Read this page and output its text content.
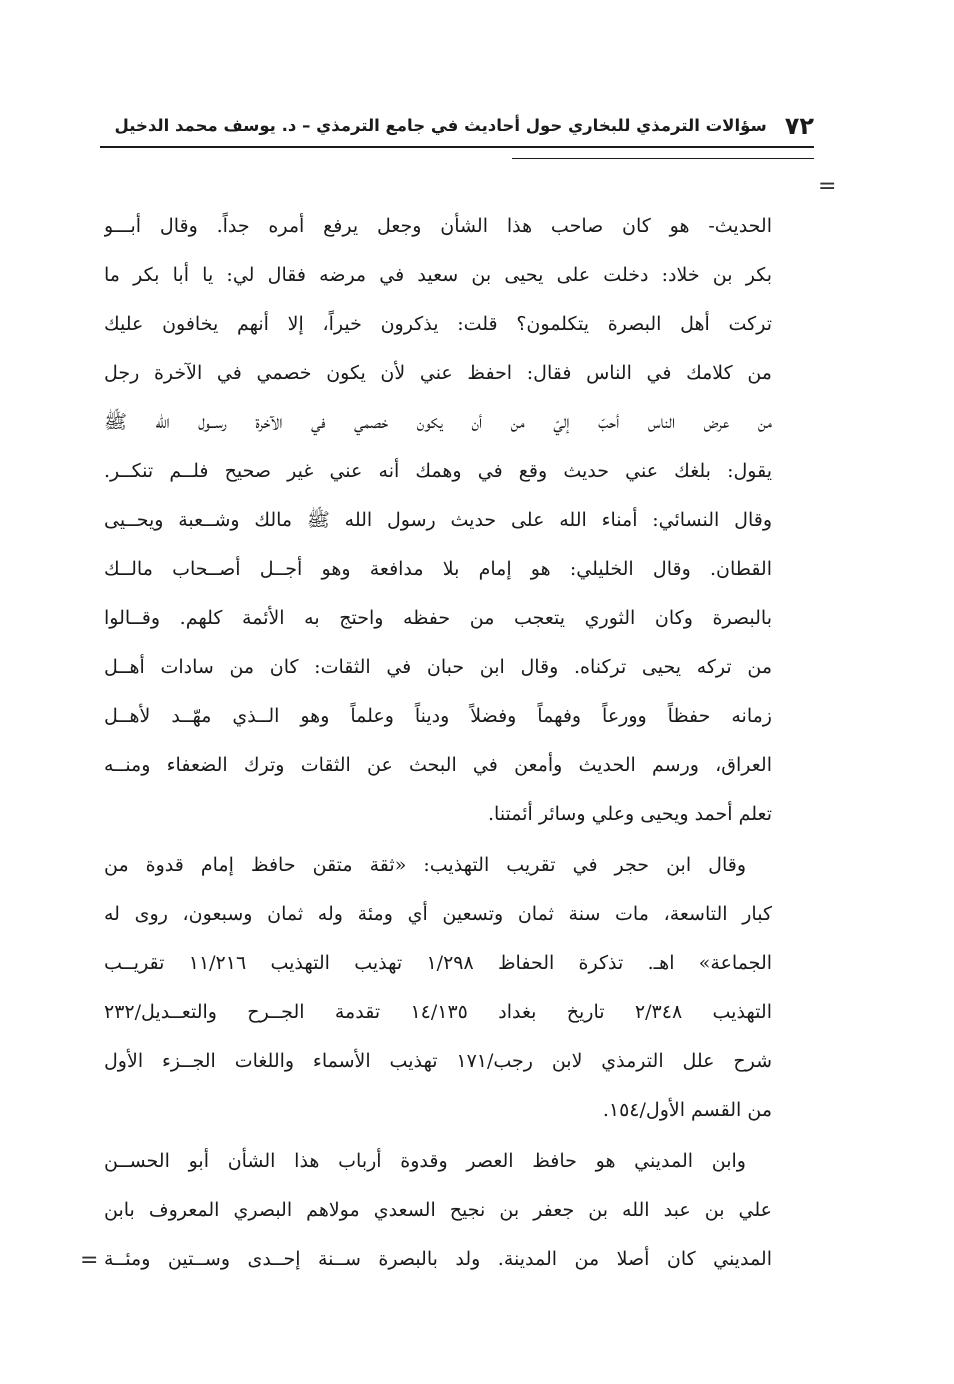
٧٢
سؤالات الترمذي للبخاري حول أحاديث في جامع الترمذي – د. يوسف محمد الدخيل
=
الحديث- هو كان صاحب هذا الشأن وجعل يرفع أمره جداً. وقال أبـــو
بكر بن خلاد: دخلت على يحيى بن سعيد في مرضه فقال لي: يا أبا بكر ما
تركت أهل البصرة يتكلمون؟ قلت: يذكرون خيراً، إلا أنهم يخافون عليك
من كلامك في الناس فقال: احفظ عني لأن يكون خصمي في الآخرة رجل
من عرض الناس أحبّ إليّ من أن يكون خصمي في الآخرة رســول الله ﷺ
يقول: بلغك عني حديث وقع في وهمك أنه عني غير صحيح فلــم تنكــر.
وقال النسائي: أمناء الله على حديث رسول الله ﷺ مالك وشــعبة ويحــيى
القطان. وقال الخليلي: هو إمام بلا مدافعة وهو أجــل أصــحاب مالــك
بالبصرة وكان الثوري يتعجب من حفظه واحتج به الأئمة كلهم. وقــالوا
من تركه يحيى تركناه. وقال ابن حبان في الثقات: كان من سادات أهــل
زمانه حفظاً وورعاً وفهماً وفضلاً وديناً وعلماً وهو الــذي مهّــد لأهــل
العراق، ورسم الحديث وأمعن في البحث عن الثقات وترك الضعفاء ومنــه
تعلم أحمد ويحيى وعلي وسائر أئمتنا.
وقال ابن حجر في تقريب التهذيب: «ثقة متقن حافظ إمام قدوة من
كبار التاسعة، مات سنة ثمان وتسعين أي ومئة وله ثمان وسبعون، روى له
الجماعة» اهـ. تذكرة الحفاظ ١/٢٩٨ تهذيب التهذيب ١١/٢١٦ تقريــب
التهذيب ٢/٣٤٨ تاريخ بغداد ١٤/١٣٥ تقدمة الجــرح والتعــديل/٢٣٢
شرح علل الترمذي لابن رجب/١٧١ تهذيب الأسماء واللغات الجــزء الأول
من القسم الأول/١٥٤.
وابن المديني هو حافظ العصر وقدوة أرباب هذا الشأن أبو الحســن
علي بن عبد الله بن جعفر بن نجيح السعدي مولاهم البصري المعروف بابن
المديني كان أصلا من المدينة. ولد بالبصرة ســنة إحــدى وســتين ومئــة
=
